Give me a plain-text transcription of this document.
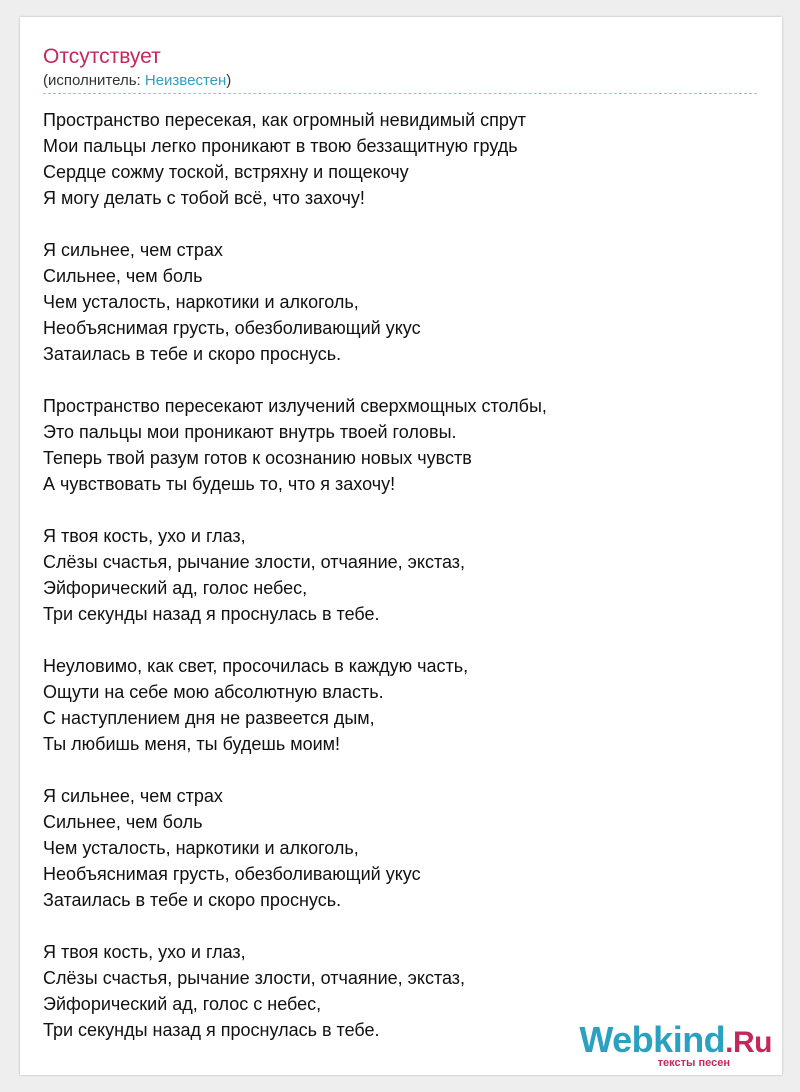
Отсутствует
(исполнитель: Неизвестен)
Пространство пересекая, как огромный невидимый спрут
Мои пальцы легко проникают в твою беззащитную грудь
Сердце сожму тоской, встряхну и пощекочу
Я могу делать с тобой всё, что захочу!
Я сильнее, чем страх
Сильнее, чем боль
Чем усталость, наркотики и алкоголь,
Необъяснимая грусть, обезболивающий укус
Затаилась в тебе и скоро проснусь.
Пространство пересекают излучений сверхмощных столбы,
Это пальцы мои проникают внутрь твоей головы.
Теперь твой разум готов к осознанию новых чувств
А чувствовать ты будешь то, что я захочу!
Я твоя кость, ухо и глаз,
Слёзы счастья, рычание злости, отчаяние, экстаз,
Эйфорический ад, голос небес,
Три секунды назад я проснулась в тебе.
Неуловимо, как свет, просочилась в каждую часть,
Ощути на себе мою абсолютную власть.
С наступлением дня не развеется дым,
Ты любишь меня, ты будешь моим!
Я сильнее, чем страх
Сильнее, чем боль
Чем усталость, наркотики и алкоголь,
Необъяснимая грусть, обезболивающий укус
Затаилась в тебе и скоро проснусь.
Я твоя кость, ухо и глаз,
Слёзы счастья, рычание злости, отчаяние, экстаз,
Эйфорический ад, голос с небес,
Три секунды назад я проснулась в тебе.	Webkind.Ru
тексты песен
